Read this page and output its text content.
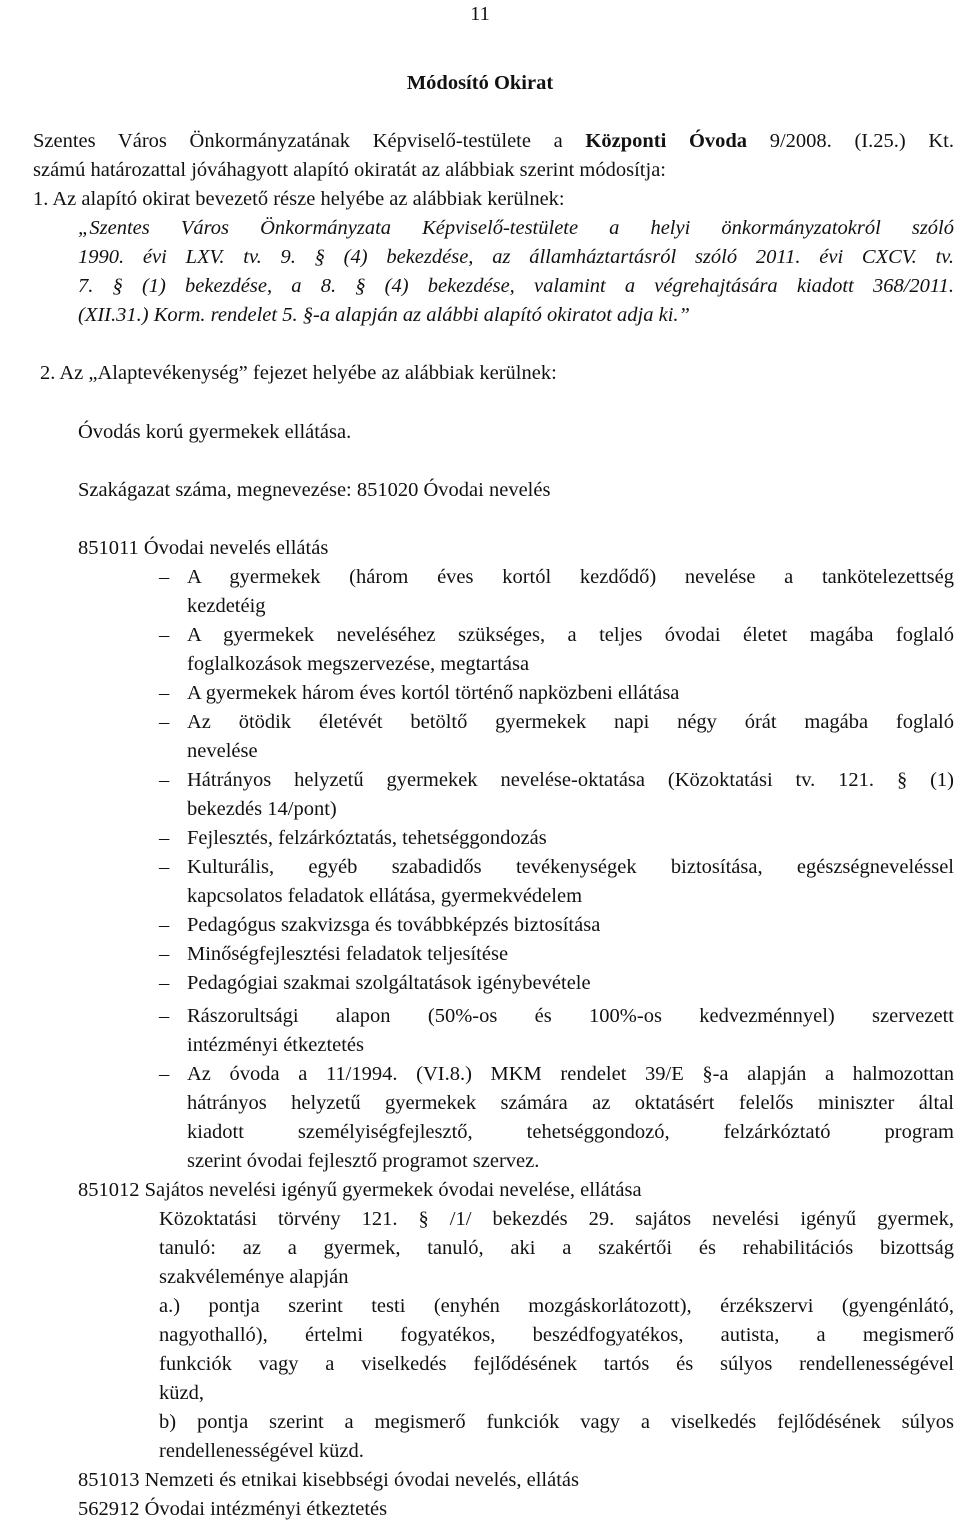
11
Módosító Okirat
Szentes Város Önkormányzatának Képviselő-testülete a Központi Óvoda 9/2008. (I.25.) Kt.
számú határozattal jóváhagyott alapító okiratát az alábbiak szerint módosítja:
1. Az alapító okirat bevezető része helyébe az alábbiak kerülnek:
„Szentes Város Önkormányzata Képviselő-testülete a helyi önkormányzatokról szóló
1990. évi LXV. tv. 9. § (4) bekezdése, az államháztartásról szóló 2011. évi CXCV. tv.
7. § (1) bekezdése, a 8. § (4) bekezdése, valamint a végrehajtására kiadott 368/2011.
(XII.31.) Korm. rendelet 5. §-a alapján az alábbi alapító okiratot adja ki.”
2. Az „Alaptevékenység” fejezet helyébe az alábbiak kerülnek:
Óvodás korú gyermekek ellátása.
Szakágazat száma, megnevezése: 851020 Óvodai nevelés
851011 Óvodai nevelés ellátás
– A gyermekek (három éves kortól kezdődő) nevelése a tankötelezettség
kezdetéig
– A gyermekek neveléséhez szükséges, a teljes óvodai életet magába foglaló
foglalkozások megszervezése, megtartása
– A gyermekek három éves kortól történő napközbeni ellátása
– Az ötödik életévét betöltő gyermekek napi négy órát magába foglaló
nevelése
– Hátrányos helyzetű gyermekek nevelése-oktatása (Közoktatási tv. 121. § (1)
bekezdés 14/pont)
– Fejlesztés, felzárkóztatás, tehetséggondozás
– Kulturális, egyéb szabadidős tevékenységek biztosítása, egészségneveléssel
kapcsolatos feladatok ellátása, gyermekvédelem
– Pedagógus szakvizsga és továbbképzés biztosítása
– Minőségfejlesztési feladatok teljesítése
– Pedagógiai szakmai szolgáltatások igénybevétele
– Rászorultsági alapon (50%-os és 100%-os kedvezménnyel) szervezett
intézményi étkeztetés
– Az óvoda a 11/1994. (VI.8.) MKM rendelet 39/E §-a alapján a halmozottan
hátrányos helyzetű gyermekek számára az oktatásért felelős miniszter által
kiadott személyiségfejlesztő, tehetséggondozó, felzárkóztató program
szerint óvodai fejlesztő programot szervez.
851012 Sajátos nevelési igényű gyermekek óvodai nevelése, ellátása
Közoktatási törvény 121. § /1/ bekezdés 29. sajátos nevelési igényű gyermek,
tanuló: az a gyermek, tanuló, aki a szakértői és rehabilitációs bizottság
szakvéleménye alapján
a.) pontja szerint testi (enyhén mozgáskorlátozott), érzékszervi (gyengénlátó,
nagyothalló), értelmi fogyatékos, beszédfogyatékos, autista, a megismerő
funkciók vagy a viselkedés fejlődésének tartós és súlyos rendellenességével
küzd,
b) pontja szerint a megismerő funkciók vagy a viselkedés fejlődésének súlyos
rendellenességével küzd.
851013 Nemzeti és etnikai kisebbségi óvodai nevelés, ellátás
562912 Óvodai intézményi étkeztetés
